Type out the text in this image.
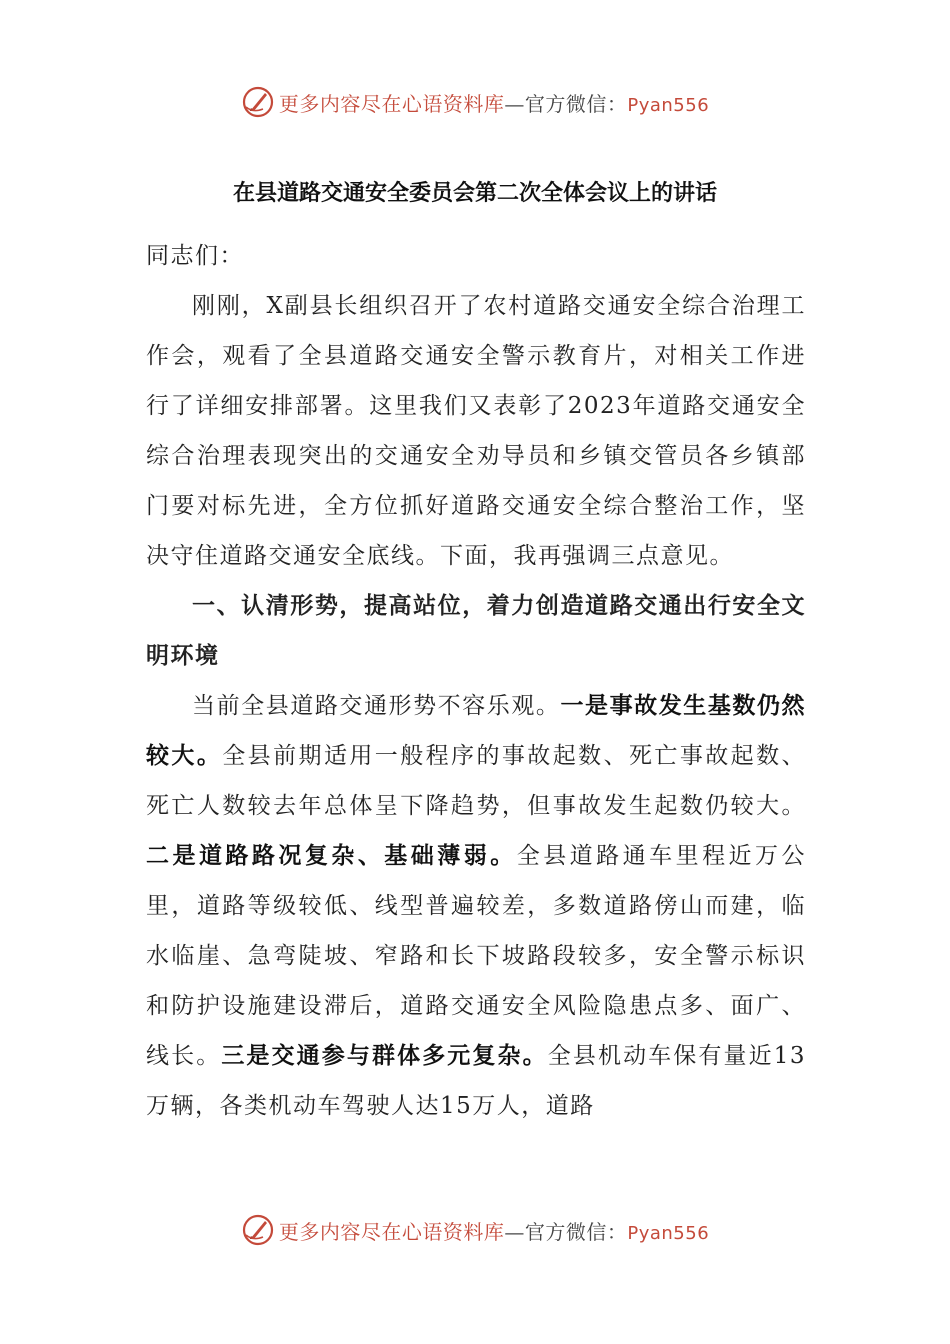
更多内容尽在心语资料库—官方微信：Pyan556
在县道路交通安全委员会第二次全体会议上的讲话

同志们：

刚刚，X副县长组织召开了农村道路交通安全综合治理工作会，观看了全县道路交通安全警示教育片，对相关工作进行了详细安排部署。这里我们又表彰了2023年道路交通安全综合治理表现突出的交通安全劝导员和乡镇交管员各乡镇部门要对标先进，全方位抓好道路交通安全综合整治工作，坚决守住道路交通安全底线。下面，我再强调三点意见。

一、认清形势，提高站位，着力创造道路交通出行安全文明环境

当前全县道路交通形势不容乐观。一是事故发生基数仍然较大。全县前期适用一般程序的事故起数、死亡事故起数、死亡人数较去年总体呈下降趋势，但事故发生起数仍较大。二是道路路况复杂、基础薄弱。全县道路通车里程近万公里，道路等级较低、线型普遍较差，多数道路傍山而建，临水临崖、急弯陡坡、窄路和长下坡路段较多，安全警示标识和防护设施建设滞后，道路交通安全风险隐患点多、面广、线长。三是交通参与群体多元复杂。全县机动车保有量近13万辆，各类机动车驾驶人达15万人，道路

更多内容尽在心语资料库—官方微信：Pyan556
